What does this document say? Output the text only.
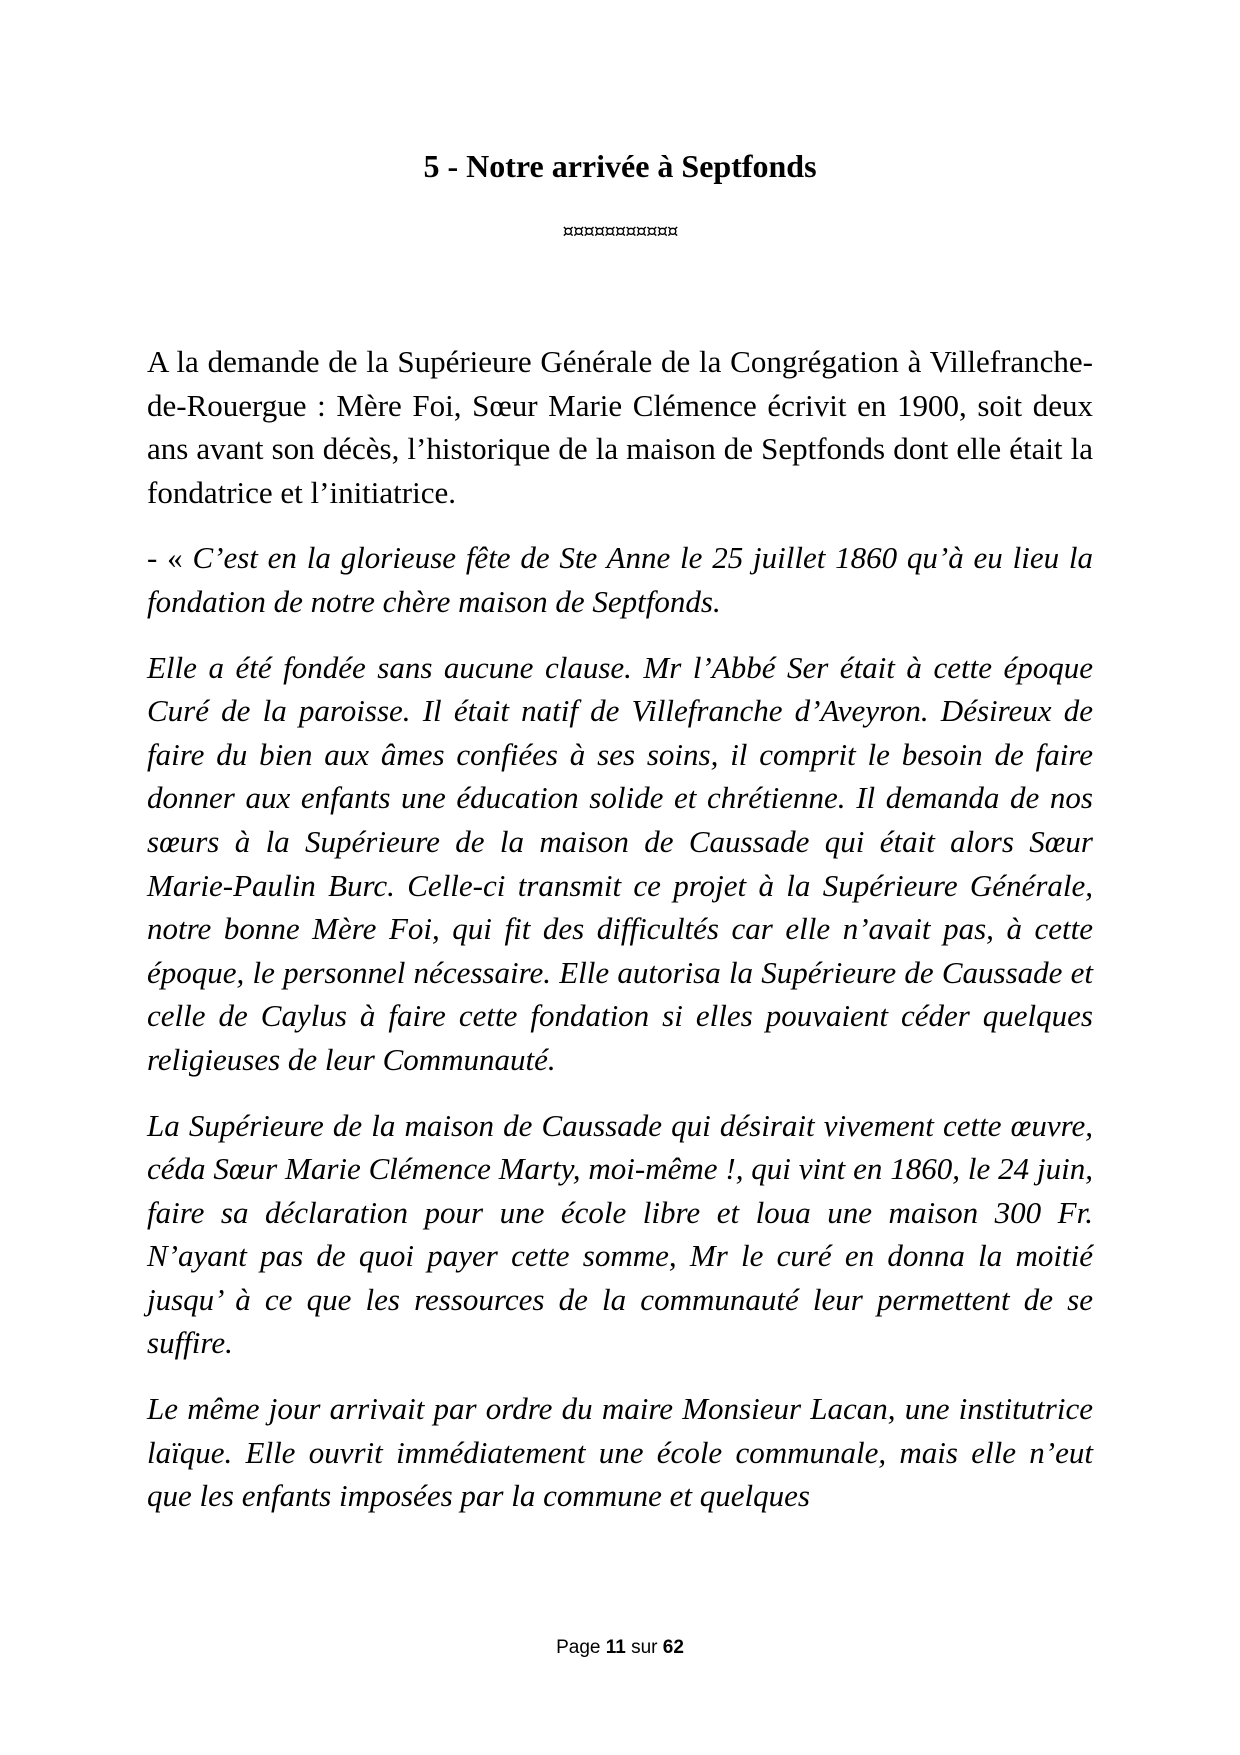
5 - Notre arrivée à Septfonds
¤¤¤¤¤¤¤¤¤¤¤

A la demande de la Supérieure Générale de la Congrégation à Villefranche-de-Rouergue : Mère Foi, Sœur Marie Clémence écrivit en 1900, soit deux ans avant son décès, l’historique de la maison de Septfonds dont elle était la fondatrice et l’initiatrice.

- « C’est en la glorieuse fête de Ste Anne le 25 juillet 1860 qu’à eu lieu la fondation de notre chère maison de Septfonds.

Elle a été fondée sans aucune clause. Mr l’Abbé Ser était à cette époque Curé de la paroisse. Il était natif de Villefranche d’Aveyron. Désireux de faire du bien aux âmes confiées à ses soins, il comprit le besoin de faire donner aux enfants une éducation solide et chrétienne. Il demanda de nos sœurs à la Supérieure de la maison de Caussade qui était alors Sœur Marie-Paulin Burc. Celle-ci transmit ce projet à la Supérieure Générale, notre bonne Mère Foi, qui fit des difficultés car elle n’avait pas, à cette époque, le personnel nécessaire. Elle autorisa la Supérieure de Caussade et celle de Caylus à faire cette fondation si elles pouvaient céder quelques religieuses de leur Communauté.

La Supérieure de la maison de Caussade qui désirait vivement cette œuvre, céda Sœur Marie Clémence Marty, moi-même !, qui vint en 1860, le 24 juin, faire sa déclaration pour une école libre et loua une maison 300 Fr. N’ayant pas de quoi payer cette somme, Mr le curé en donna la moitié jusqu’ à ce que les ressources de la communauté leur permettent de se suffire.

Le même jour arrivait par ordre du maire Monsieur Lacan, une institutrice laïque. Elle ouvrit immédiatement une école communale, mais elle n’eut que les enfants imposées par la commune et quelques

Page 11 sur 62
